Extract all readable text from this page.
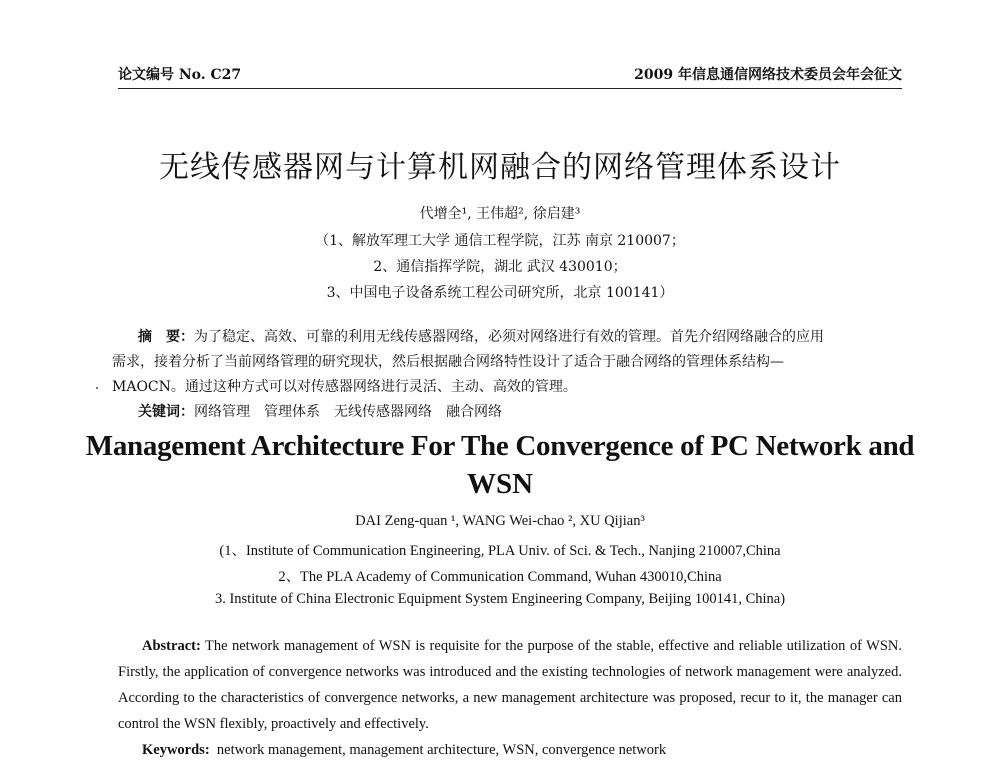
论文编号 No. C27	2009 年信息通信网络技术委员会年会征文
无线传感器网与计算机网融合的网络管理体系设计
代增全¹, 王伟超², 徐启建³
（1、解放军理工大学 通信工程学院，江苏 南京 210007；
2、通信指挥学院，湖北 武汉 430010；
3、中国电子设备系统工程公司研究所，北京 100141）
摘　要：为了稳定、高效、可靠的利用无线传感器网络，必须对网络进行有效的管理。首先介绍网络融合的应用
需求，接着分析了当前网络管理的研究现状，然后根据融合网络特性设计了适合于融合网络的管理体系结构—
MAOCN。通过这种方式可以对传感器网络进行灵活、主动、高效的管理。
关键词：网络管理　管理体系　无线传感器网络　融合网络
Management Architecture For The Convergence of PC Network and
WSN
DAI Zeng-quan ¹, WANG Wei-chao ², XU Qijian³
(1、Institute of Communication Engineering, PLA Univ. of Sci. & Tech., Nanjing 210007,China
2、The PLA Academy of Communication Command, Wuhan 430010,China
3. Institute of China Electronic Equipment System Engineering Company, Beijing 100141, China)

Abstract: The network management of WSN is requisite for the purpose of the stable, effective and reliable utilization of WSN. Firstly, the application of convergence networks was introduced and the existing technologies of network management were analyzed. According to the characteristics of convergence networks, a new management architecture was proposed, recur to it, the manager can control the WSN flexibly, proactively and effectively.

Keywords: network management, management architecture, WSN, convergence network
